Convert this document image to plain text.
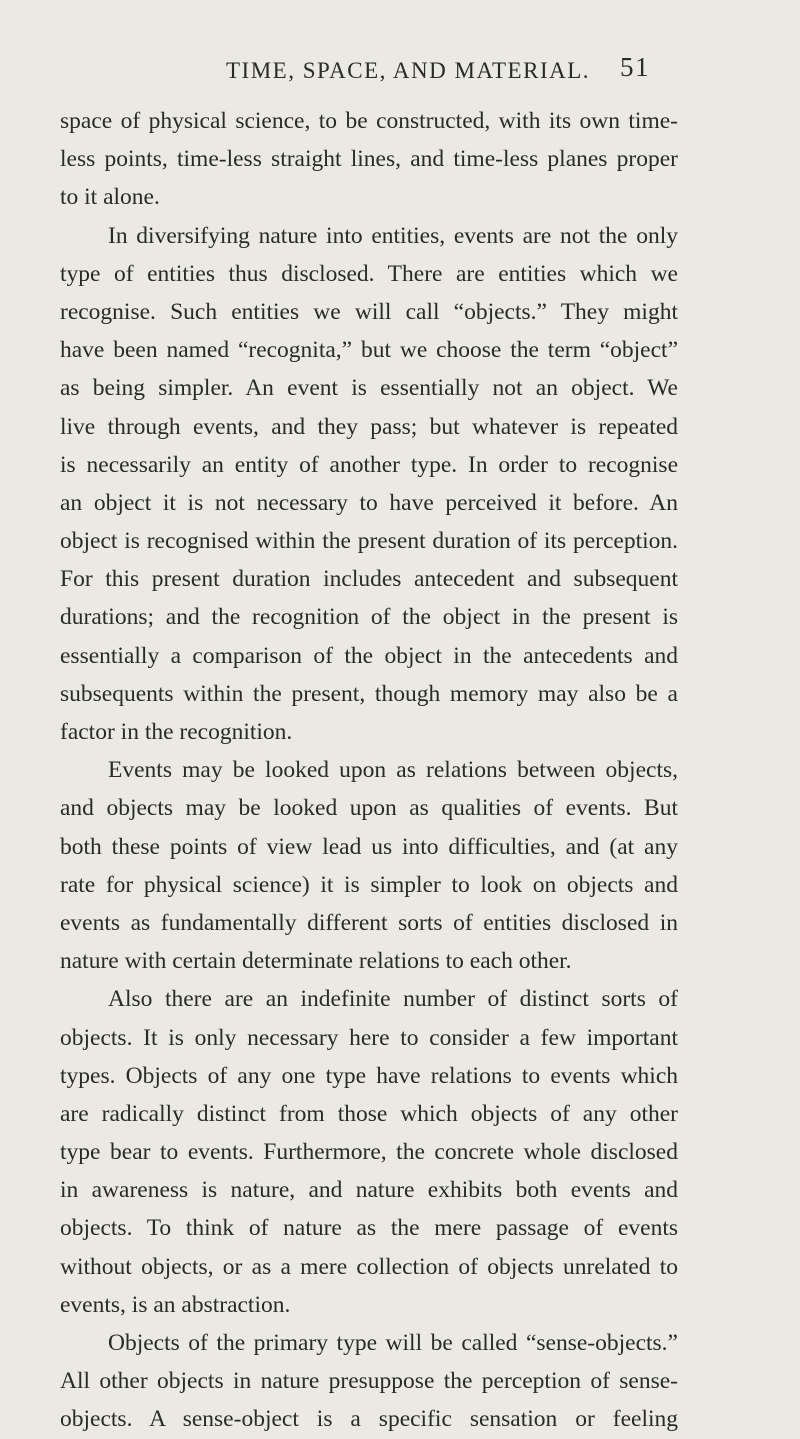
TIME, SPACE, AND MATERIAL. 51
space of physical science, to be constructed, with its own time-
less points, time-less straight lines, and time-less planes proper
to it alone.
In diversifying nature into entities, events are not the only
type of entities thus disclosed. There are entities which we
recognise. Such entities we will call “objects.” They might
have been named “recognita,” but we choose the term “object”
as being simpler. An event is essentially not an object. We
live through events, and they pass; but whatever is repeated
is necessarily an entity of another type. In order to recognise
an object it is not necessary to have perceived it before. An
object is recognised within the present duration of its perception.
For this present duration includes antecedent and subsequent
durations; and the recognition of the object in the present is
essentially a comparison of the object in the antecedents and
subsequents within the present, though memory may also be a
factor in the recognition.
Events may be looked upon as relations between objects,
and objects may be looked upon as qualities of events. But
both these points of view lead us into difficulties, and (at any
rate for physical science) it is simpler to look on objects and
events as fundamentally different sorts of entities disclosed in
nature with certain determinate relations to each other.
Also there are an indefinite number of distinct sorts of
objects. It is only necessary here to consider a few important
types. Objects of any one type have relations to events which
are radically distinct from those which objects of any other
type bear to events. Furthermore, the concrete whole disclosed
in awareness is nature, and nature exhibits both events and
objects. To think of nature as the mere passage of events
without objects, or as a mere collection of objects unrelated to
events, is an abstraction.
Objects of the primary type will be called “sense-objects.”
All other objects in nature presuppose the perception of sense-
objects. A sense-object is a specific sensation or feeling
